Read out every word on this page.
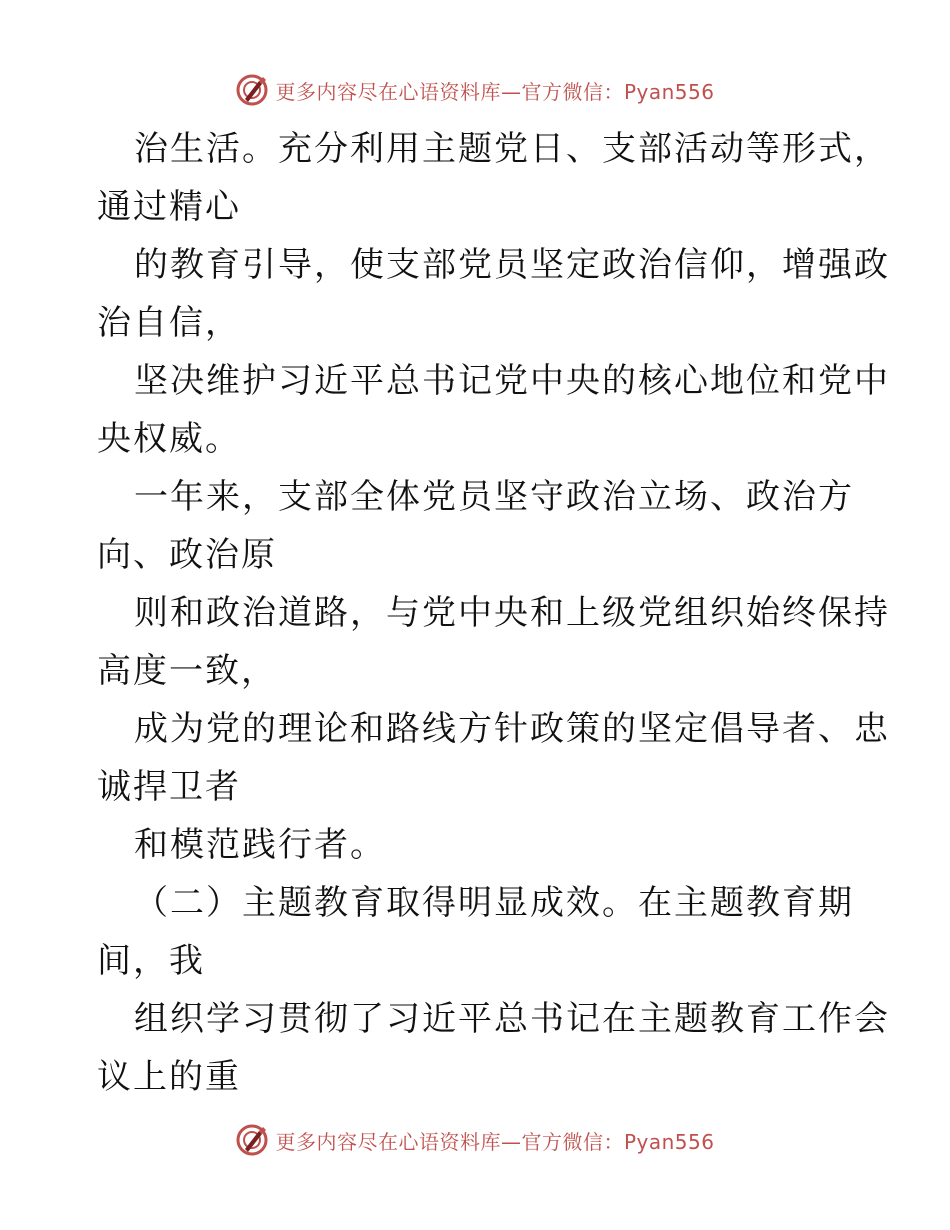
更多内容尽在心语资料库—官方微信：Pyan556
治生活。充分利用主题党日、支部活动等形式，
通过精心
的教育引导，使支部党员坚定政治信仰，增强政
治自信，
坚决维护习近平总书记党中央的核心地位和党中
央权威。
一年来，支部全体党员坚守政治立场、政治方
向、政治原
则和政治道路，与党中央和上级党组织始终保持
高度一致，
成为党的理论和路线方针政策的坚定倡导者、忠
诚捍卫者
和模范践行者。
（二）主题教育取得明显成效。在主题教育期
间，我
组织学习贯彻了习近平总书记在主题教育工作会
议上的重
更多内容尽在心语资料库—官方微信：Pyan556
